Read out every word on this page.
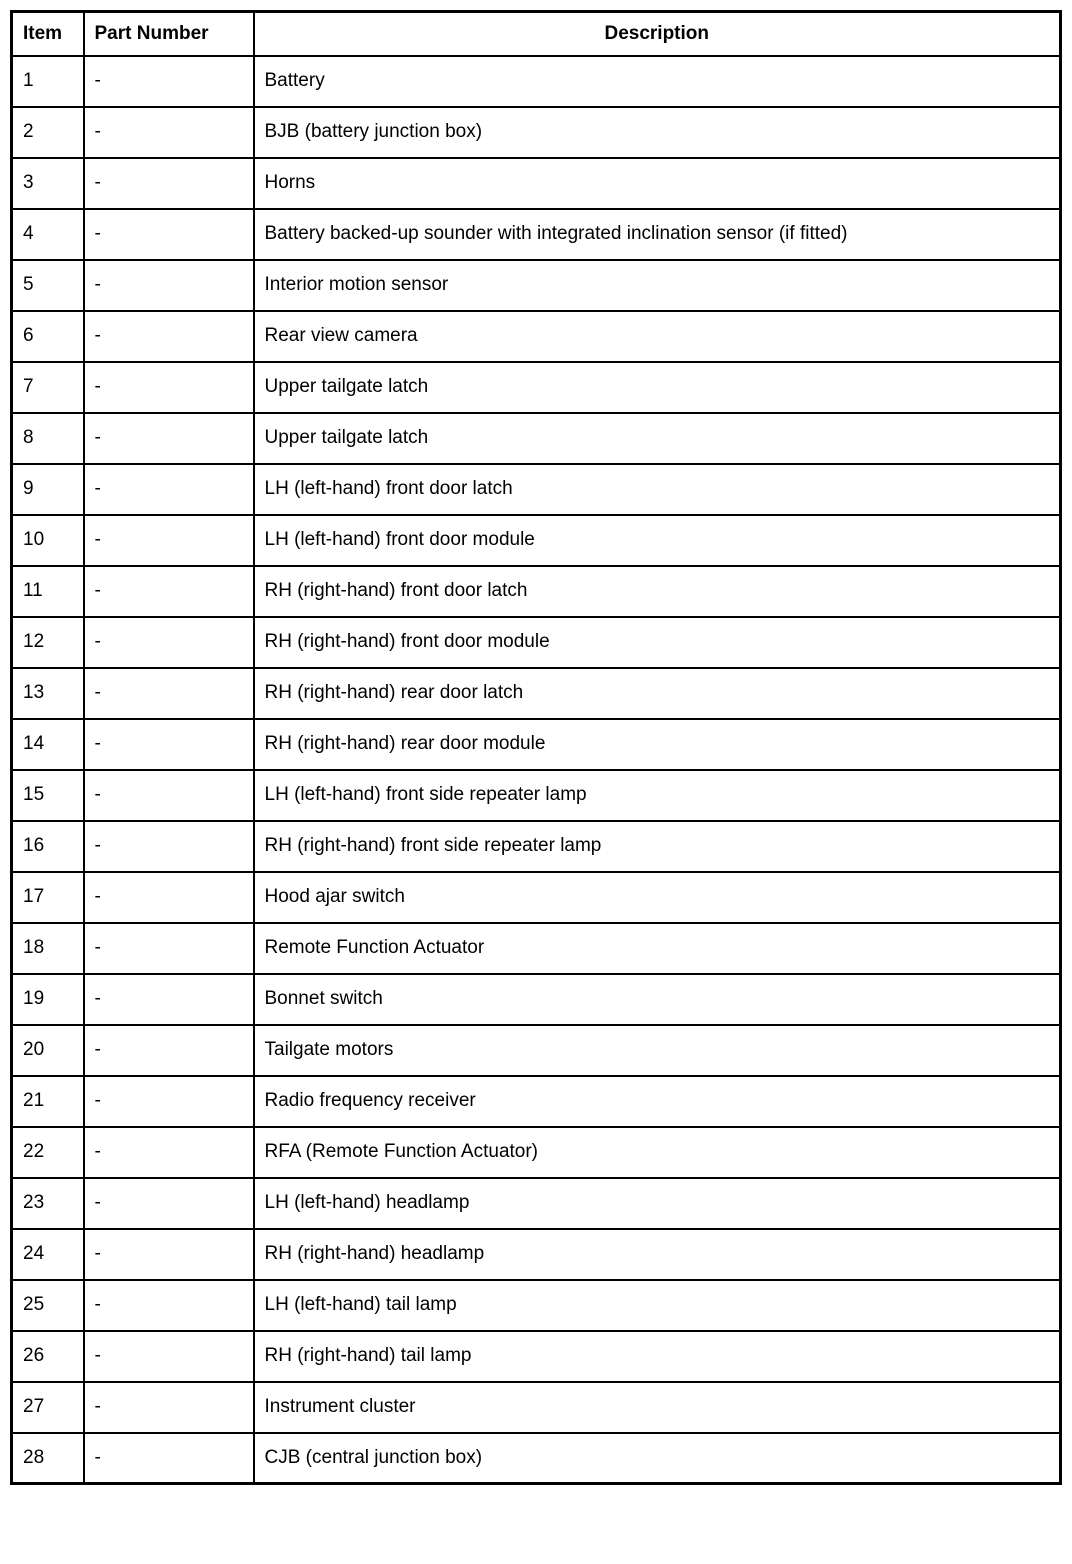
Item	Part Number	Description
1	-	Battery
2	-	BJB (battery junction box)
3	-	Horns
4	-	Battery backed-up sounder with integrated inclination sensor (if fitted)
5	-	Interior motion sensor
6	-	Rear view camera
7	-	Upper tailgate latch
8	-	Upper tailgate latch
9	-	LH (left-hand) front door latch
10	-	LH (left-hand) front door module
11	-	RH (right-hand) front door latch
12	-	RH (right-hand) front door module
13	-	RH (right-hand) rear door latch
14	-	RH (right-hand) rear door module
15	-	LH (left-hand) front side repeater lamp
16	-	RH (right-hand) front side repeater lamp
17	-	Hood ajar switch
18	-	Remote Function Actuator
19	-	Bonnet switch
20	-	Tailgate motors
21	-	Radio frequency receiver
22	-	RFA (Remote Function Actuator)
23	-	LH (left-hand) headlamp
24	-	RH (right-hand) headlamp
25	-	LH (left-hand) tail lamp
26	-	RH (right-hand) tail lamp
27	-	Instrument cluster
28	-	CJB (central junction box)
